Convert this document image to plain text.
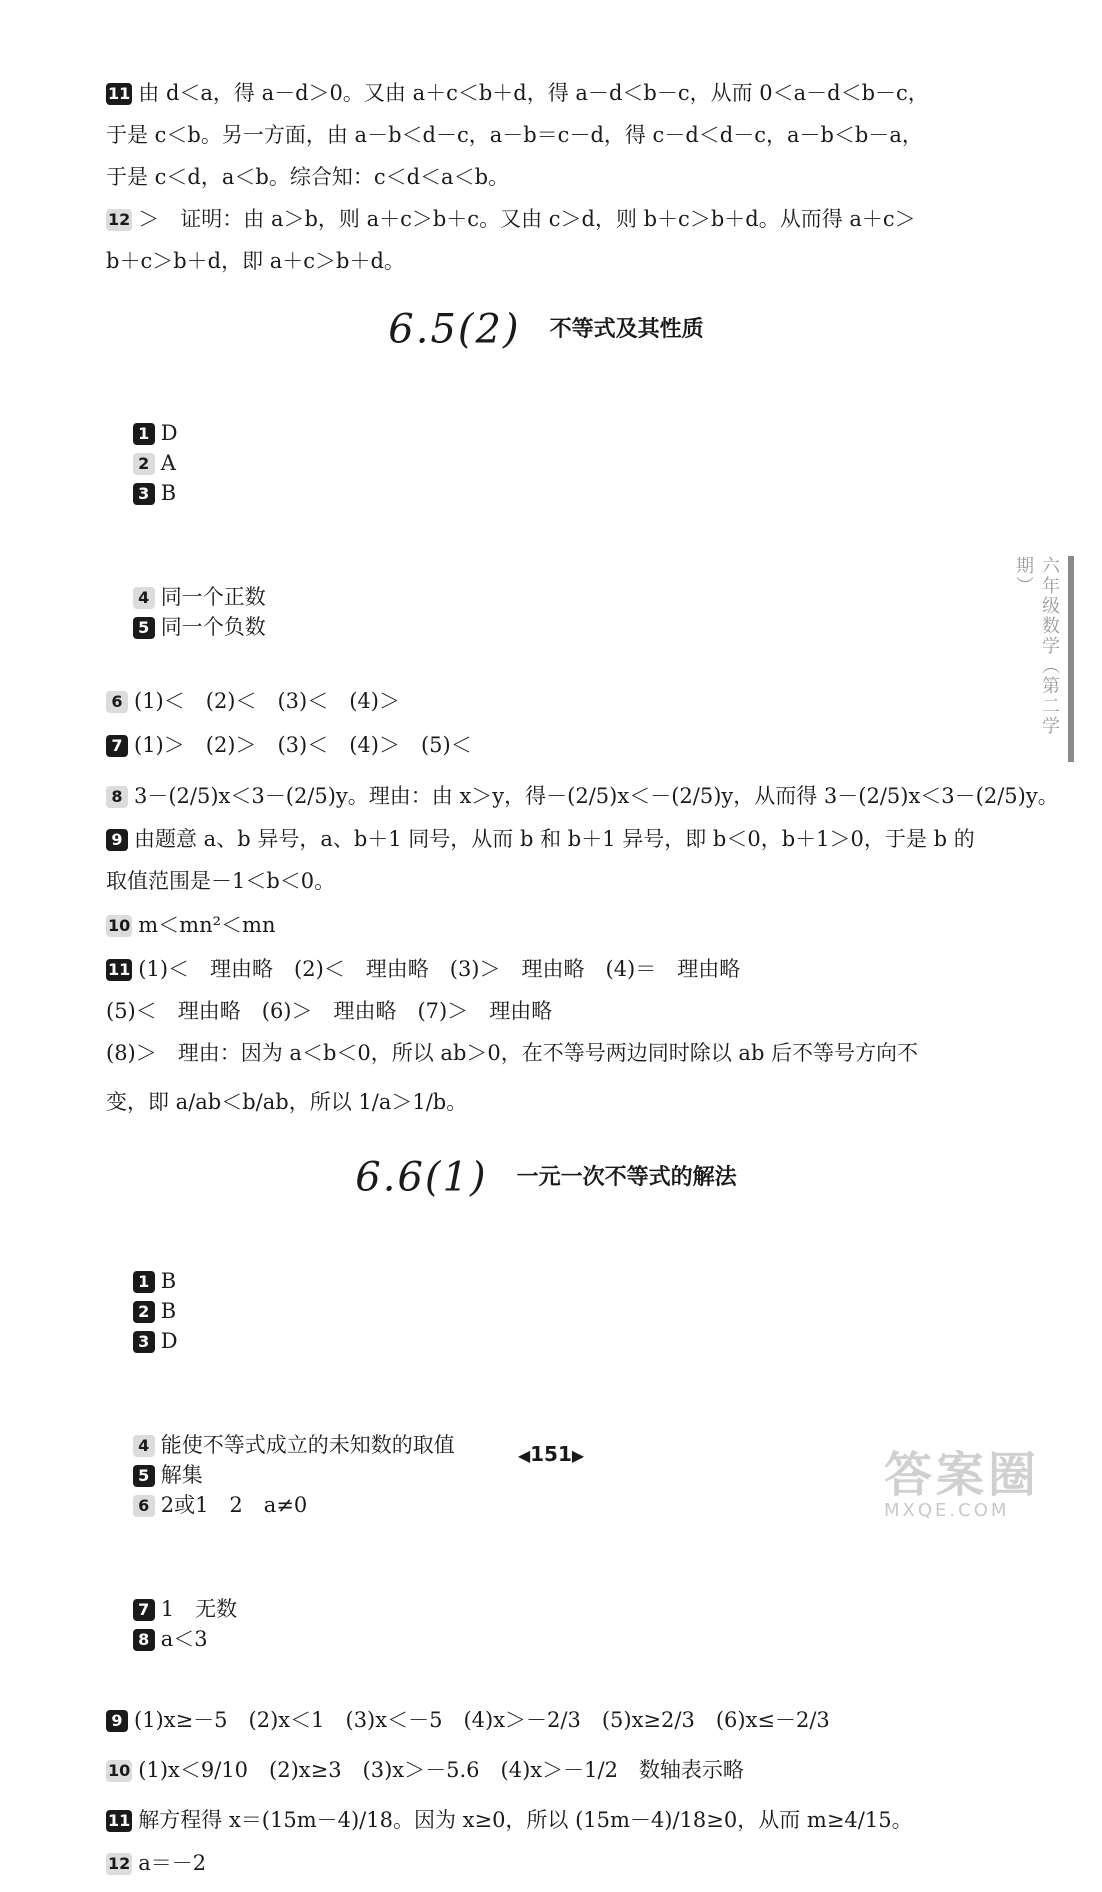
11 由 d＜a，得 a－d＞0。又由 a＋c＜b＋d，得 a－d＜b－c，从而 0＜a－d＜b－c，
于是 c＜b。另一方面，由 a－b＜d－c，a－b＝c－d，得 c－d＜d－c，a－b＜b－a，
于是 c＜d，a＜b。综合知：c＜d＜a＜b。
12 ＞　证明：由 a＞b，则 a＋c＞b＋c。又由 c＞d，则 b＋c＞b＋d。从而得 a＋c＞
b＋c＞b＋d，即 a＋c＞b＋d。
6.5(2) 不等式及其性质

1 D　
2 A　
3 B

4 同一个正数　
5 同一个负数

6 (1)＜　(2)＜　(3)＜　(4)＞
7 (1)＞　(2)＞　(3)＜　(4)＞　(5)＜
8 3－(2/5)x＜3－(2/5)y。理由：由 x＞y，得－(2/5)x＜－(2/5)y，从而得 3－(2/5)x＜3－(2/5)y。
9 由题意 a、b 异号，a、b＋1 同号，从而 b 和 b＋1 异号，即 b＜0，b＋1＞0，于是 b 的
取值范围是－1＜b＜0。
10 m＜mn²＜mn
11 (1)＜　理由略　(2)＜　理由略　(3)＞　理由略　(4)＝　理由略
(5)＜　理由略　(6)＞　理由略　(7)＞　理由略
(8)＞　理由：因为 a＜b＜0，所以 ab＞0，在不等号两边同时除以 ab 后不等号方向不
变，即 a/ab＜b/ab，所以 1/a＞1/b。
6.6(1) 一元一次不等式的解法

1 B　
2 B　
3 D

4 能使不等式成立的未知数的取值　
5 解集　
6 2或1　2　a≠0

7 1　无数　
8 a＜3

9 (1)x≥－5　(2)x＜1　(3)x＜－5　(4)x＞－2/3　(5)x≥2/3　(6)x≤－2/3
10 (1)x＜9/10　(2)x≥3　(3)x＞－5.6　(4)x＞－1/2　数轴表示略
11 解方程得 x＝(15m－4)/18。因为 x≥0，所以 (15m－4)/18≥0，从而 m≥4/15。
12 a＝－2
◀151▶
六年级数学（第二学期）
答案圈
MXQE.COM
